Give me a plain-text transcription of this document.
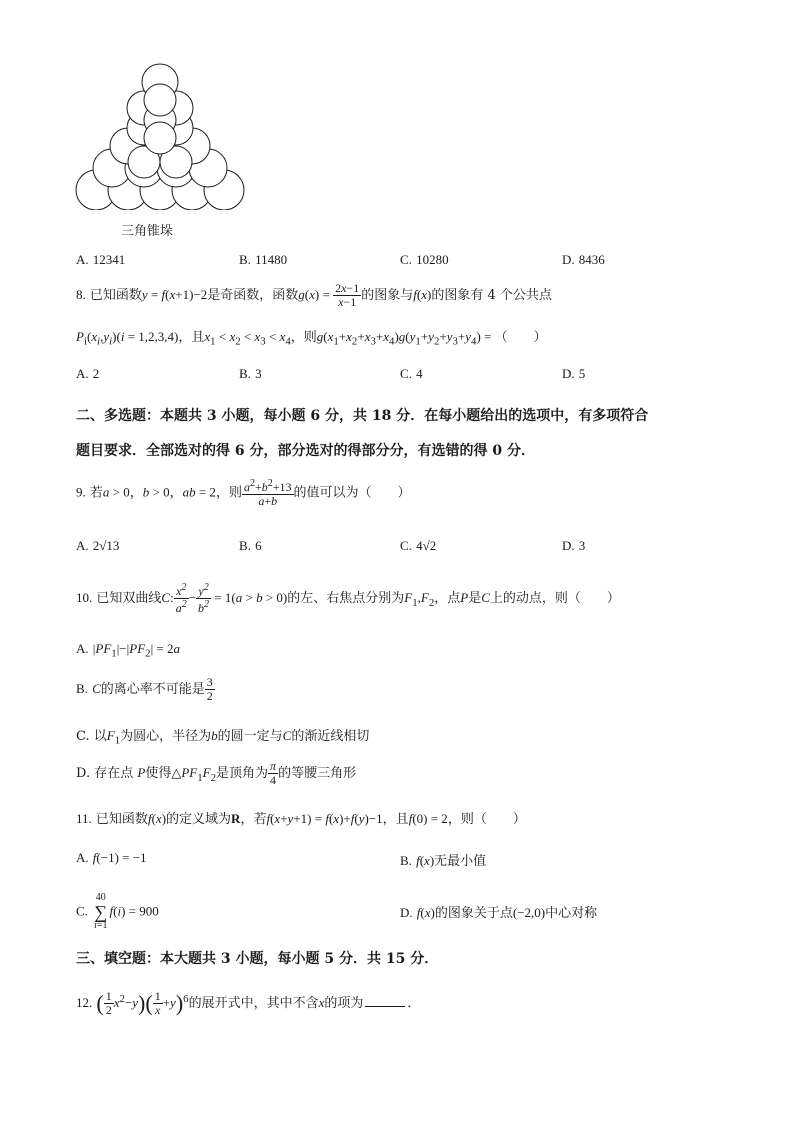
三角锥垛
A. 12341	B. 11480	C. 10280	D. 8436
8. 已知函数y = f(x+1)−2是奇函数，函数$g(x) = \frac{2x-1}{x-1}$ 的图象与f(x)的图象有 4 个公共点
$P_i(x_i,y_i)(i = 1,2,3,4)$，且$x_1 < x_2 < x_3 < x_4$，则$g(x_1+x_2+x_3+x_4)g(y_1+y_2+y_3+y_4)$ = （　　）
A. 2	B. 3	C. 4	D. 5
二、多选题：本题共 3 小题，每小题 6 分，共 18 分．在每小题给出的选项中，有多项符合
题目要求．全部选对的得 6 分，部分选对的得部分分，有选错的得 0 分．
9. 若a > 0，b > 0，ab = 2，则 $\frac{a^2+b^2+13}{a+b}$ 的值可以为（　　）
A. 2√13	B. 6	C. 4√2	D. 3
10. 已知双曲线C: $\frac{x^2}{a^2} - \frac{y^2}{b^2} = 1(a > b > 0)$的左、右焦点分别为$F_1,F_2$，点P是C上的动点，则（　　）
A. $|PF_1|-|PF_2| = 2a$
B. C的离心率不可能是 $\frac{3}{2}$
C. 以$F_1$为圆心，半径为b的圆一定与C的渐近线相切
D. 存在点 P使得$\triangle PF_1F_2$是顶角为 $\frac{\pi}{4}$ 的等腰三角形
11. 已知函数f(x)的定义域为R，若f(x+y+1) = f(x)+f(y)−1，且f(0) = 2，则（　　）
A. f(−1) = −1	B. f(x)无最小值
C.
40
∑
i=1
f(i) = 900	D. f(x)的图象关于点(−2,0)中心对称
三、填空题：本大题共 3 小题，每小题 5 分．共 15 分．
12. ( $\frac{1}{2} x^2-y)( \frac{1}{x} +y)^6$的展开式中，其中不含x的项为	．
